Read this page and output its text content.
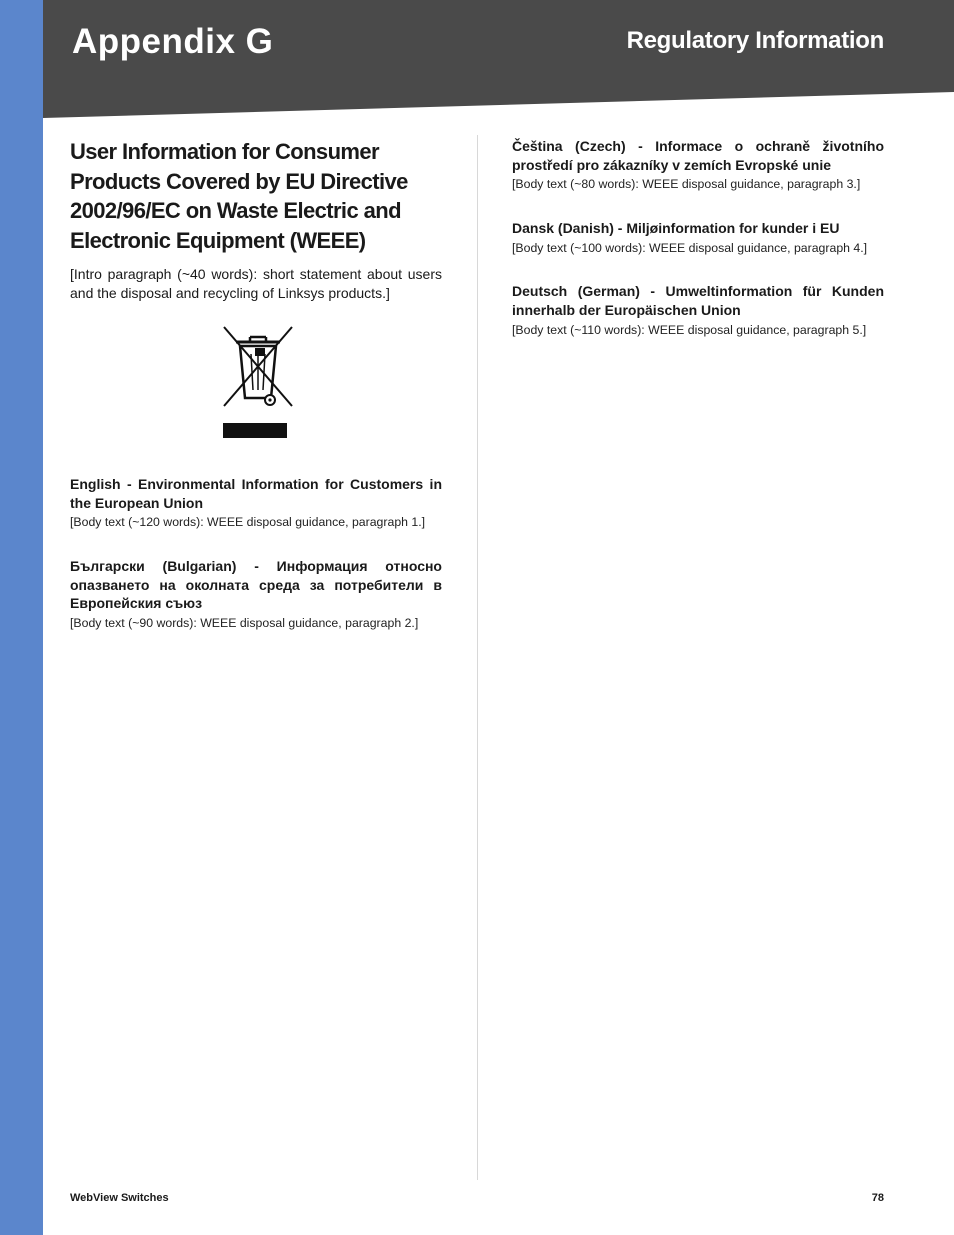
Appendix G	Regulatory Information
User Information for Consumer Products Covered by EU Directive 2002/96/EC on Waste Electric and Electronic Equipment (WEEE)

[Intro paragraph (~40 words): short statement about users and the disposal and recycling of Linksys products.]

English - Environmental Information for Customers in the European Union

[Body text (~120 words): WEEE disposal guidance, paragraph 1.]

Български (Bulgarian) - Информация относно опазването на околната среда за потребители в Европейския съюз

[Body text (~90 words): WEEE disposal guidance, paragraph 2.]

Čeština (Czech) - Informace o ochraně životního prostředí pro zákazníky v zemích Evropské unie

[Body text (~80 words): WEEE disposal guidance, paragraph 3.]

Dansk (Danish) - Miljøinformation for kunder i EU

[Body text (~100 words): WEEE disposal guidance, paragraph 4.]

Deutsch (German) - Umweltinformation für Kunden innerhalb der Europäischen Union

[Body text (~110 words): WEEE disposal guidance, paragraph 5.]

WebView Switches	78
